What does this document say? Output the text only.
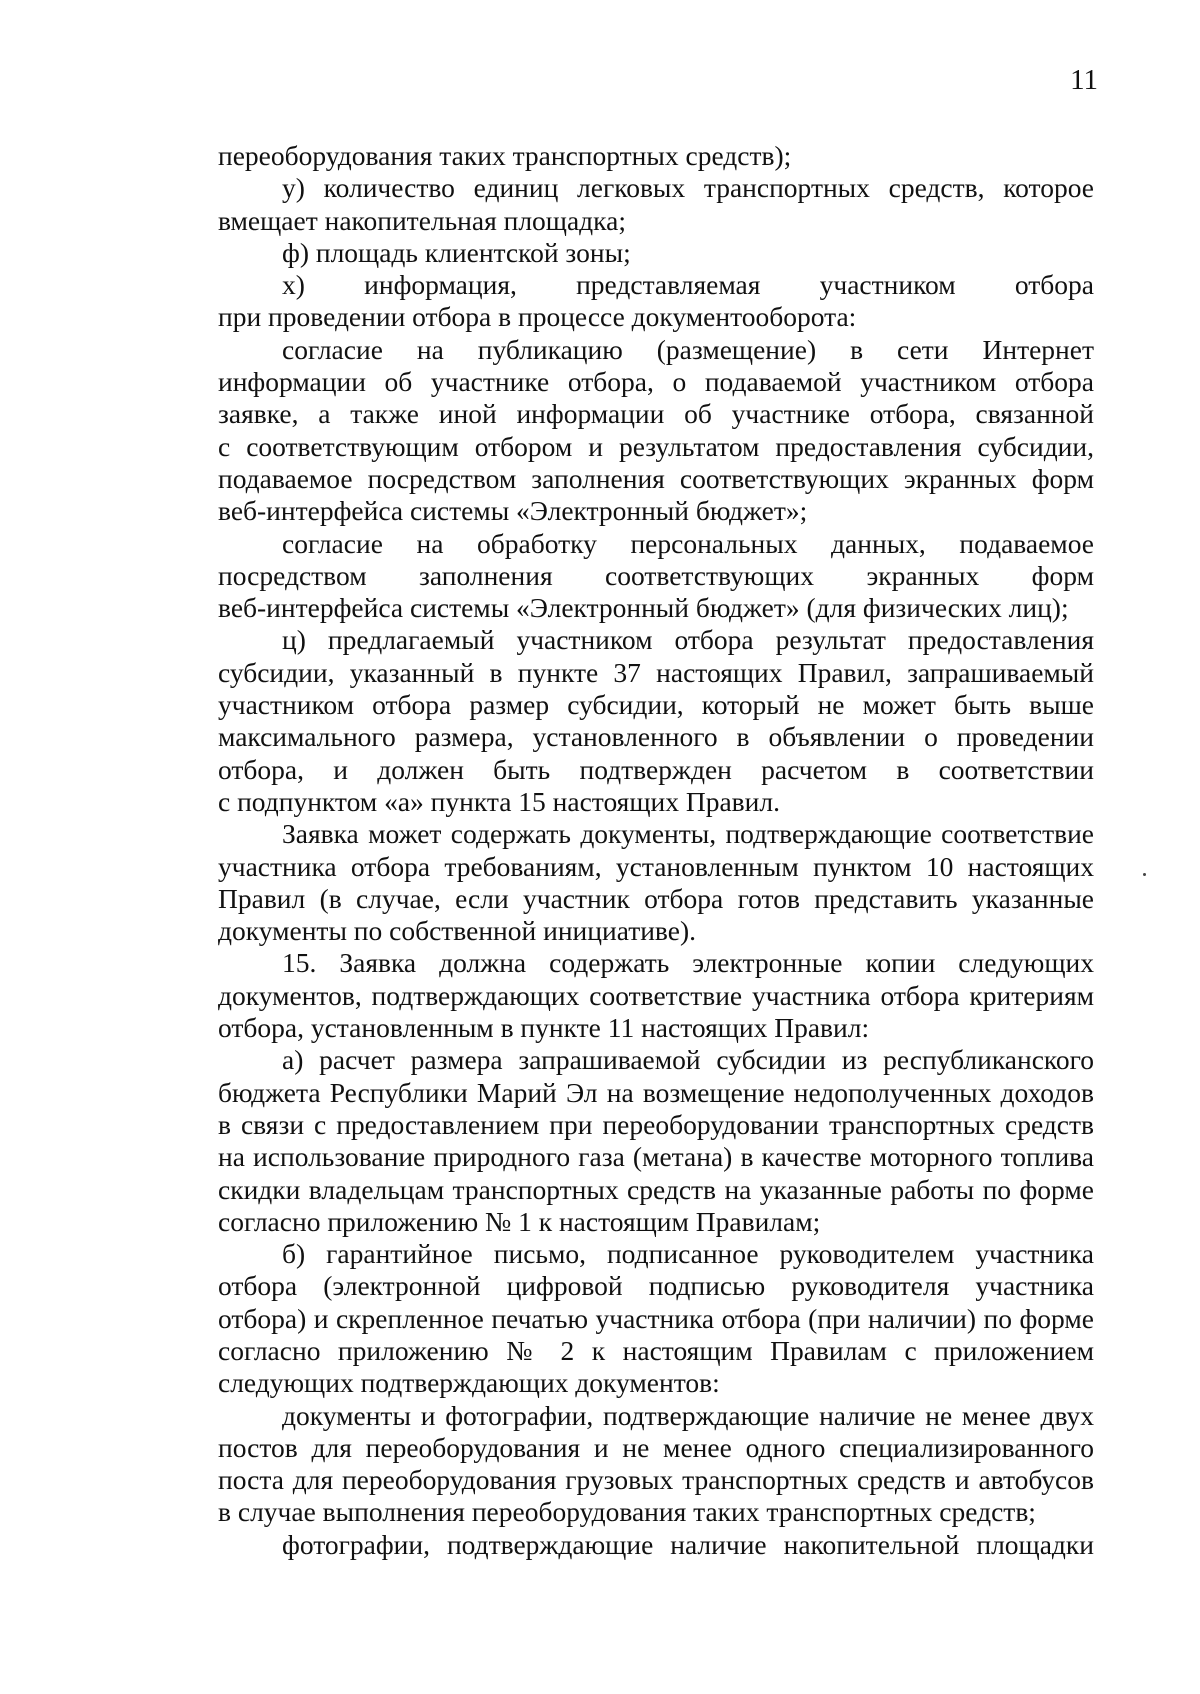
11
переоборудования таких транспортных средств);
у) количество единиц легковых транспортных средств, которое
вмещает накопительная площадка;
ф) площадь клиентской зоны;
х) информация, представляемая участником отбора
при проведении отбора в процессе документооборота:
согласие на публикацию (размещение) в сети Интернет
информации об участнике отбора, о подаваемой участником отбора
заявке, а также иной информации об участнике отбора, связанной
с соответствующим отбором и результатом предоставления субсидии,
подаваемое посредством заполнения соответствующих экранных форм
веб-интерфейса системы «Электронный бюджет»;
согласие на обработку персональных данных, подаваемое
посредством заполнения соответствующих экранных форм
веб-интерфейса системы «Электронный бюджет» (для физических лиц);
ц) предлагаемый участником отбора результат предоставления
субсидии, указанный в пункте 37 настоящих Правил, запрашиваемый
участником отбора размер субсидии, который не может быть выше
максимального размера, установленного в объявлении о проведении
отбора, и должен быть подтвержден расчетом в соответствии
с подпунктом «а» пункта 15 настоящих Правил.
Заявка может содержать документы, подтверждающие соответствие
участника отбора требованиям, установленным пунктом 10 настоящих
Правил (в случае, если участник отбора готов представить указанные
документы по собственной инициативе).
15. Заявка должна содержать электронные копии следующих
документов, подтверждающих соответствие участника отбора критериям
отбора, установленным в пункте 11 настоящих Правил:
а) расчет размера запрашиваемой субсидии из республиканского
бюджета Республики Марий Эл на возмещение недополученных доходов
в связи с предоставлением при переоборудовании транспортных средств
на использование природного газа (метана) в качестве моторного топлива
скидки владельцам транспортных средств на указанные работы по форме
согласно приложению № 1 к настоящим Правилам;
б) гарантийное письмо, подписанное руководителем участника
отбора (электронной цифровой подписью руководителя участника
отбора) и скрепленное печатью участника отбора (при наличии) по форме
согласно приложению № 2 к настоящим Правилам с приложением
следующих подтверждающих документов:
документы и фотографии, подтверждающие наличие не менее двух
постов для переоборудования и не менее одного специализированного
поста для переоборудования грузовых транспортных средств и автобусов
в случае выполнения переоборудования таких транспортных средств;
фотографии, подтверждающие наличие накопительной площадки
